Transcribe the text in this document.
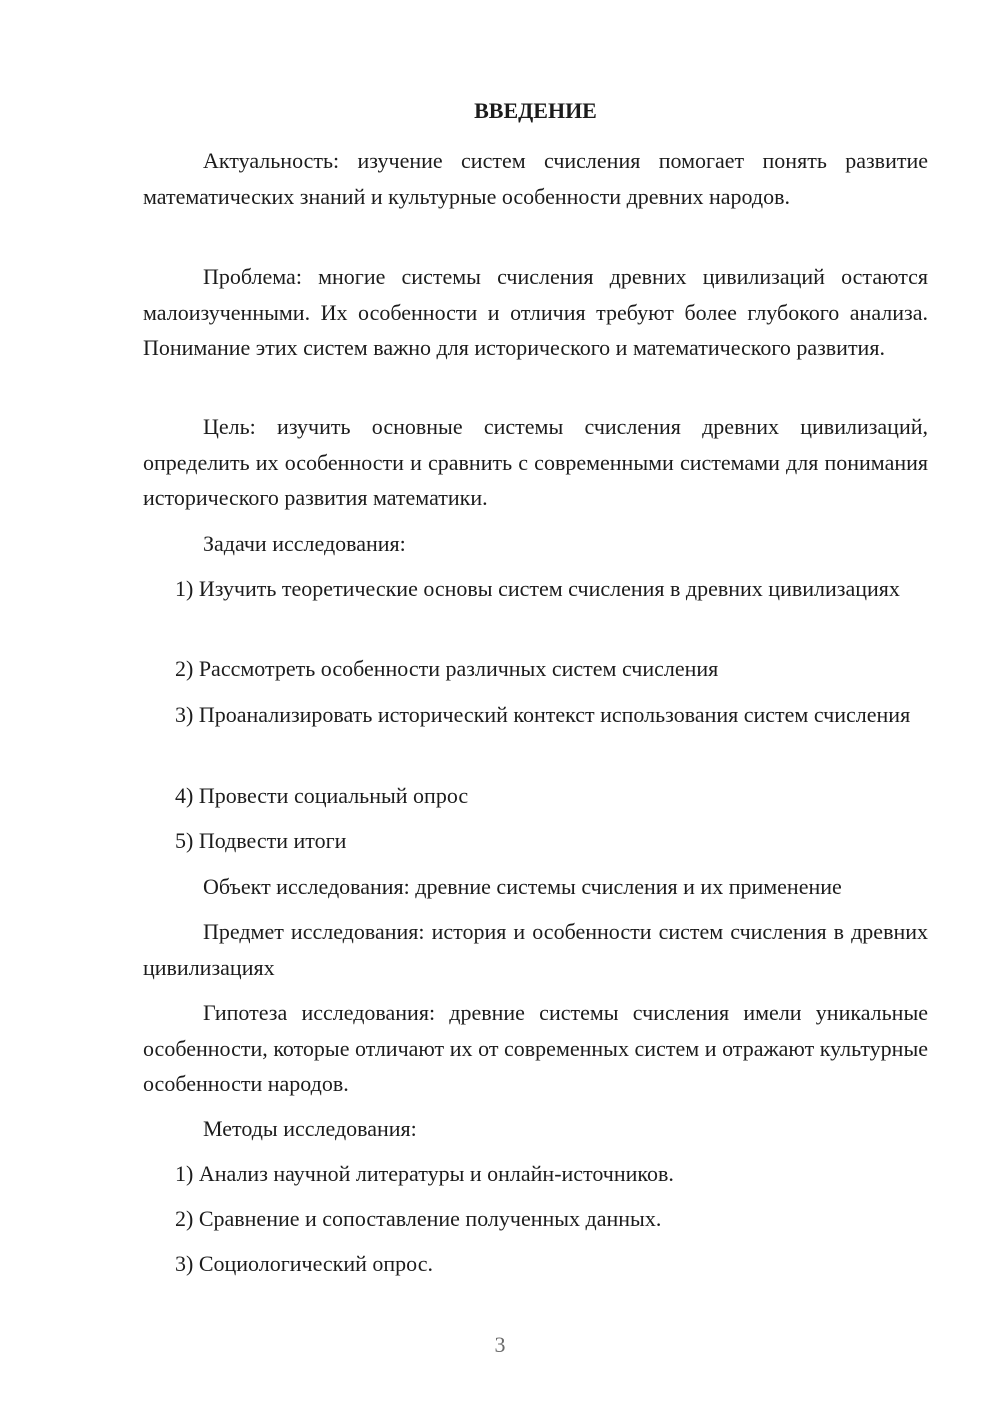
ВВЕДЕНИЕ

Актуальность: изучение систем счисления помогает понять развитие математических знаний и культурные особенности древних народов.

Проблема: многие системы счисления древних цивилизаций остаются малоизученными. Их особенности и отличия требуют более глубокого анализа. Понимание этих систем важно для исторического и математического развития.

Цель: изучить основные системы счисления древних цивилизаций, определить их особенности и сравнить с современными системами для понимания исторического развития математики.

Задачи исследования:

1) Изучить теоретические основы систем счисления в древних цивилизациях

2) Рассмотреть особенности различных систем счисления

3) Проанализировать исторический контекст использования систем счисления

4) Провести социальный опрос

5) Подвести итоги

Объект исследования: древние системы счисления и их применение

Предмет исследования: история и особенности систем счисления в древних цивилизациях

Гипотеза исследования: древние системы счисления имели уникальные особенности, которые отличают их от современных систем и отражают культурные особенности народов.

Методы исследования:

1) Анализ научной литературы и онлайн-источников.

2) Сравнение и сопоставление полученных данных.

3) Социологический опрос.

3
